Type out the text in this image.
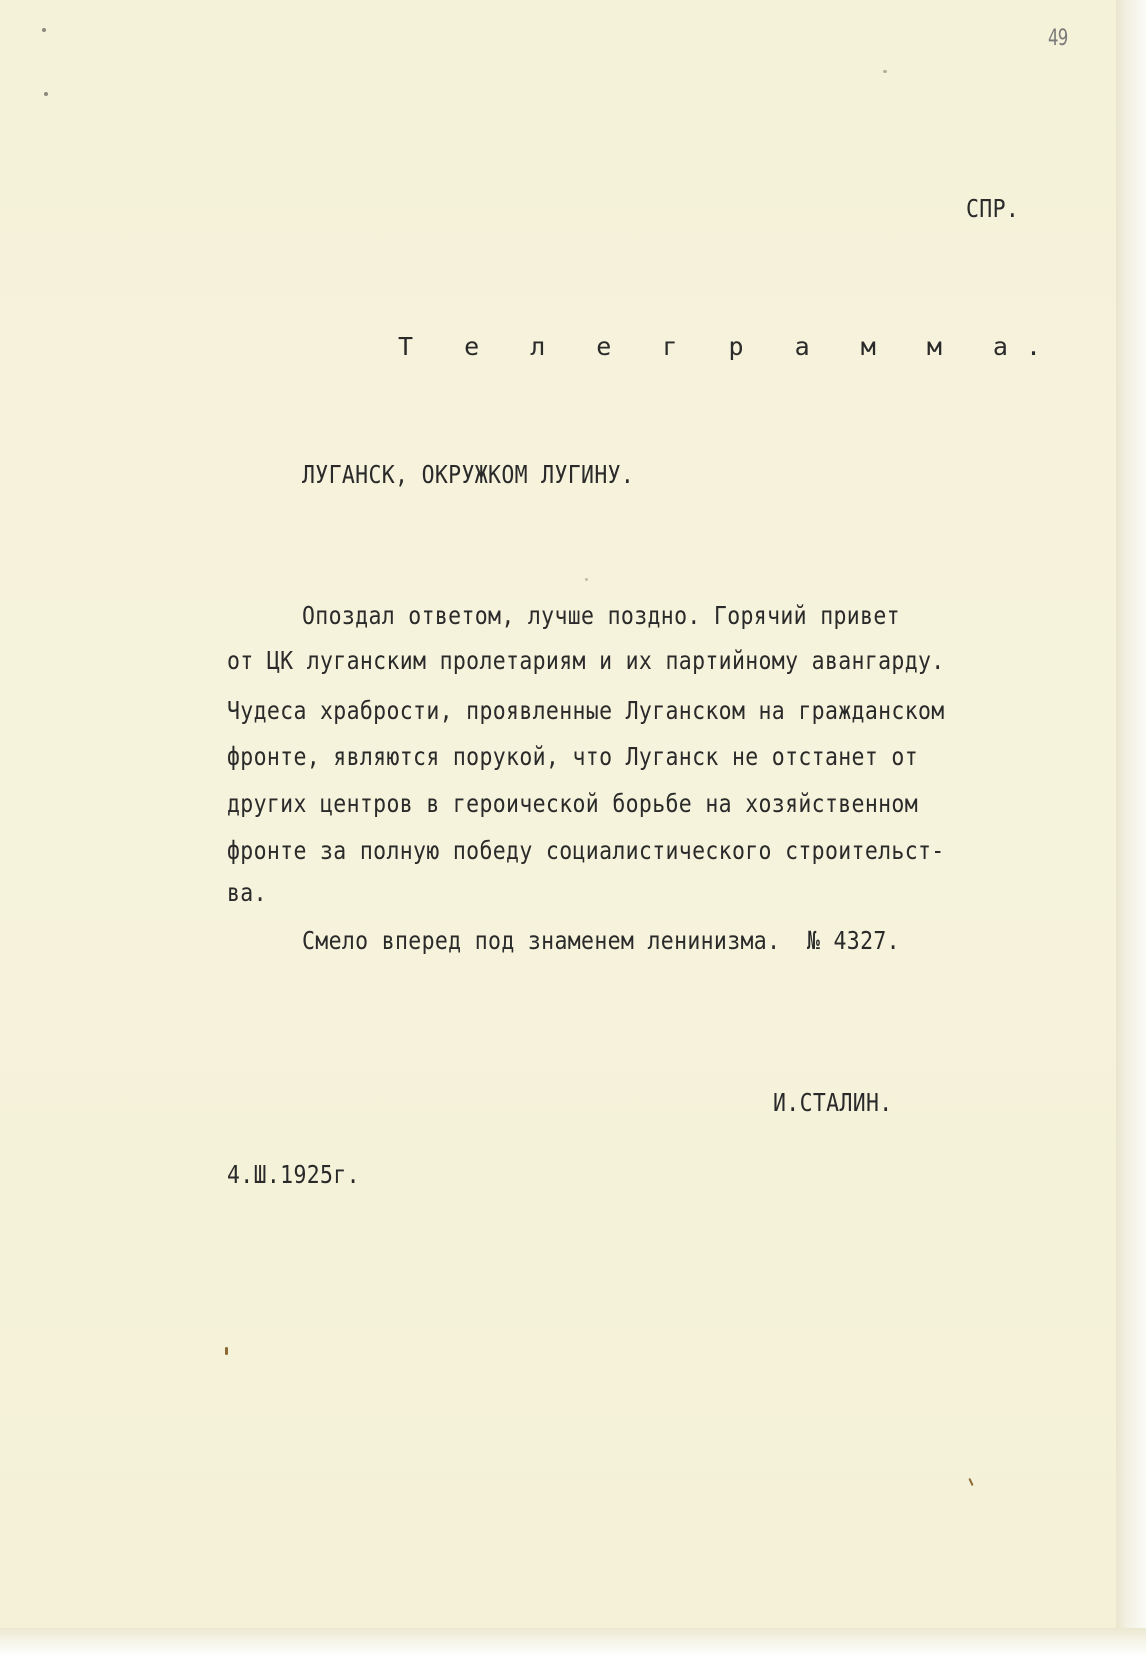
49
СПР.
Т е л е г р а м м а.
ЛУГАНСК, ОКРУЖКОМ ЛУГИНУ.
Опоздал ответом, лучше поздно. Горячий привет
от ЦК луганским пролетариям и их партийному авангарду.
Чудеса храбрости, проявленные Луганском на гражданском
фронте, являются порукой, что Луганск не отстанет от
других центров в героической борьбе на хозяйственном
фронте за полную победу социалистического строительст-
ва.
Смело вперед под знаменем ленинизма.  № 4327.
И.СТАЛИН.
4.Ш.1925г.
